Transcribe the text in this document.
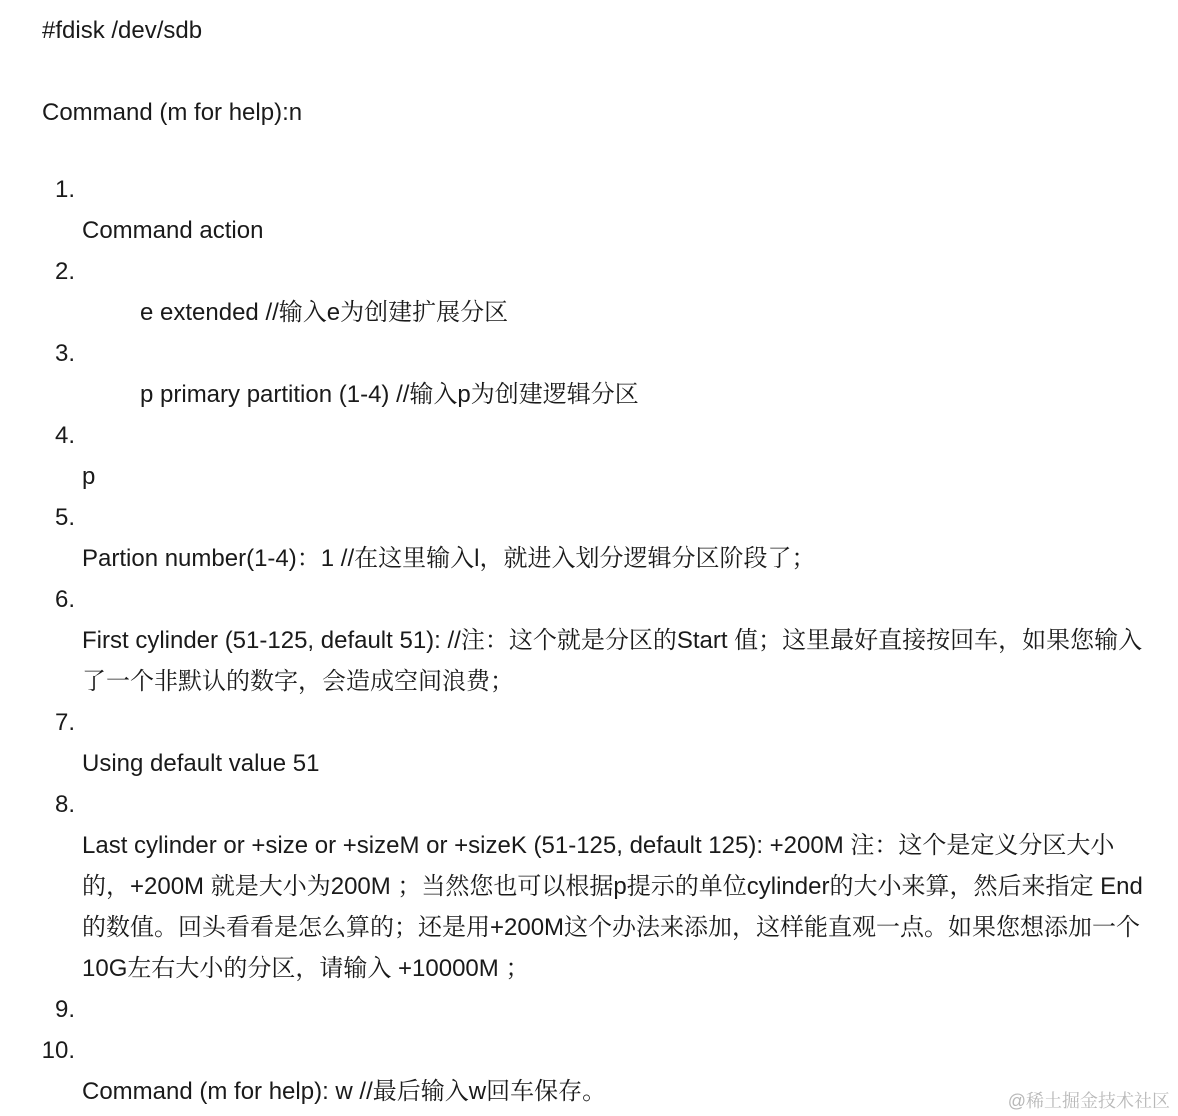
#fdisk /dev/sdb
Command (m for help):n
1.
Command action
2.
e extended //输入e为创建扩展分区
3.
p primary partition (1-4) //输入p为创建逻辑分区
4.
p
5.
Partion number(1-4)：1 //在这里输入l，就进入划分逻辑分区阶段了；
6.
First cylinder (51-125, default 51): //注：这个就是分区的Start 值；这里最好直接按回车，如果您输入了一个非默认的数字，会造成空间浪费；
7.
Using default value 51
8.
Last cylinder or +size or +sizeM or +sizeK (51-125, default 125): +200M 注：这个是定义分区大小的，+200M 就是大小为200M ；当然您也可以根据p提示的单位cylinder的大小来算，然后来指定 End的数值。回头看看是怎么算的；还是用+200M这个办法来添加，这样能直观一点。如果您想添加一个10G左右大小的分区，请输入 +10000M ；
9.
10.
Command (m for help): w //最后输入w回车保存。	@稀土掘金技术社区
